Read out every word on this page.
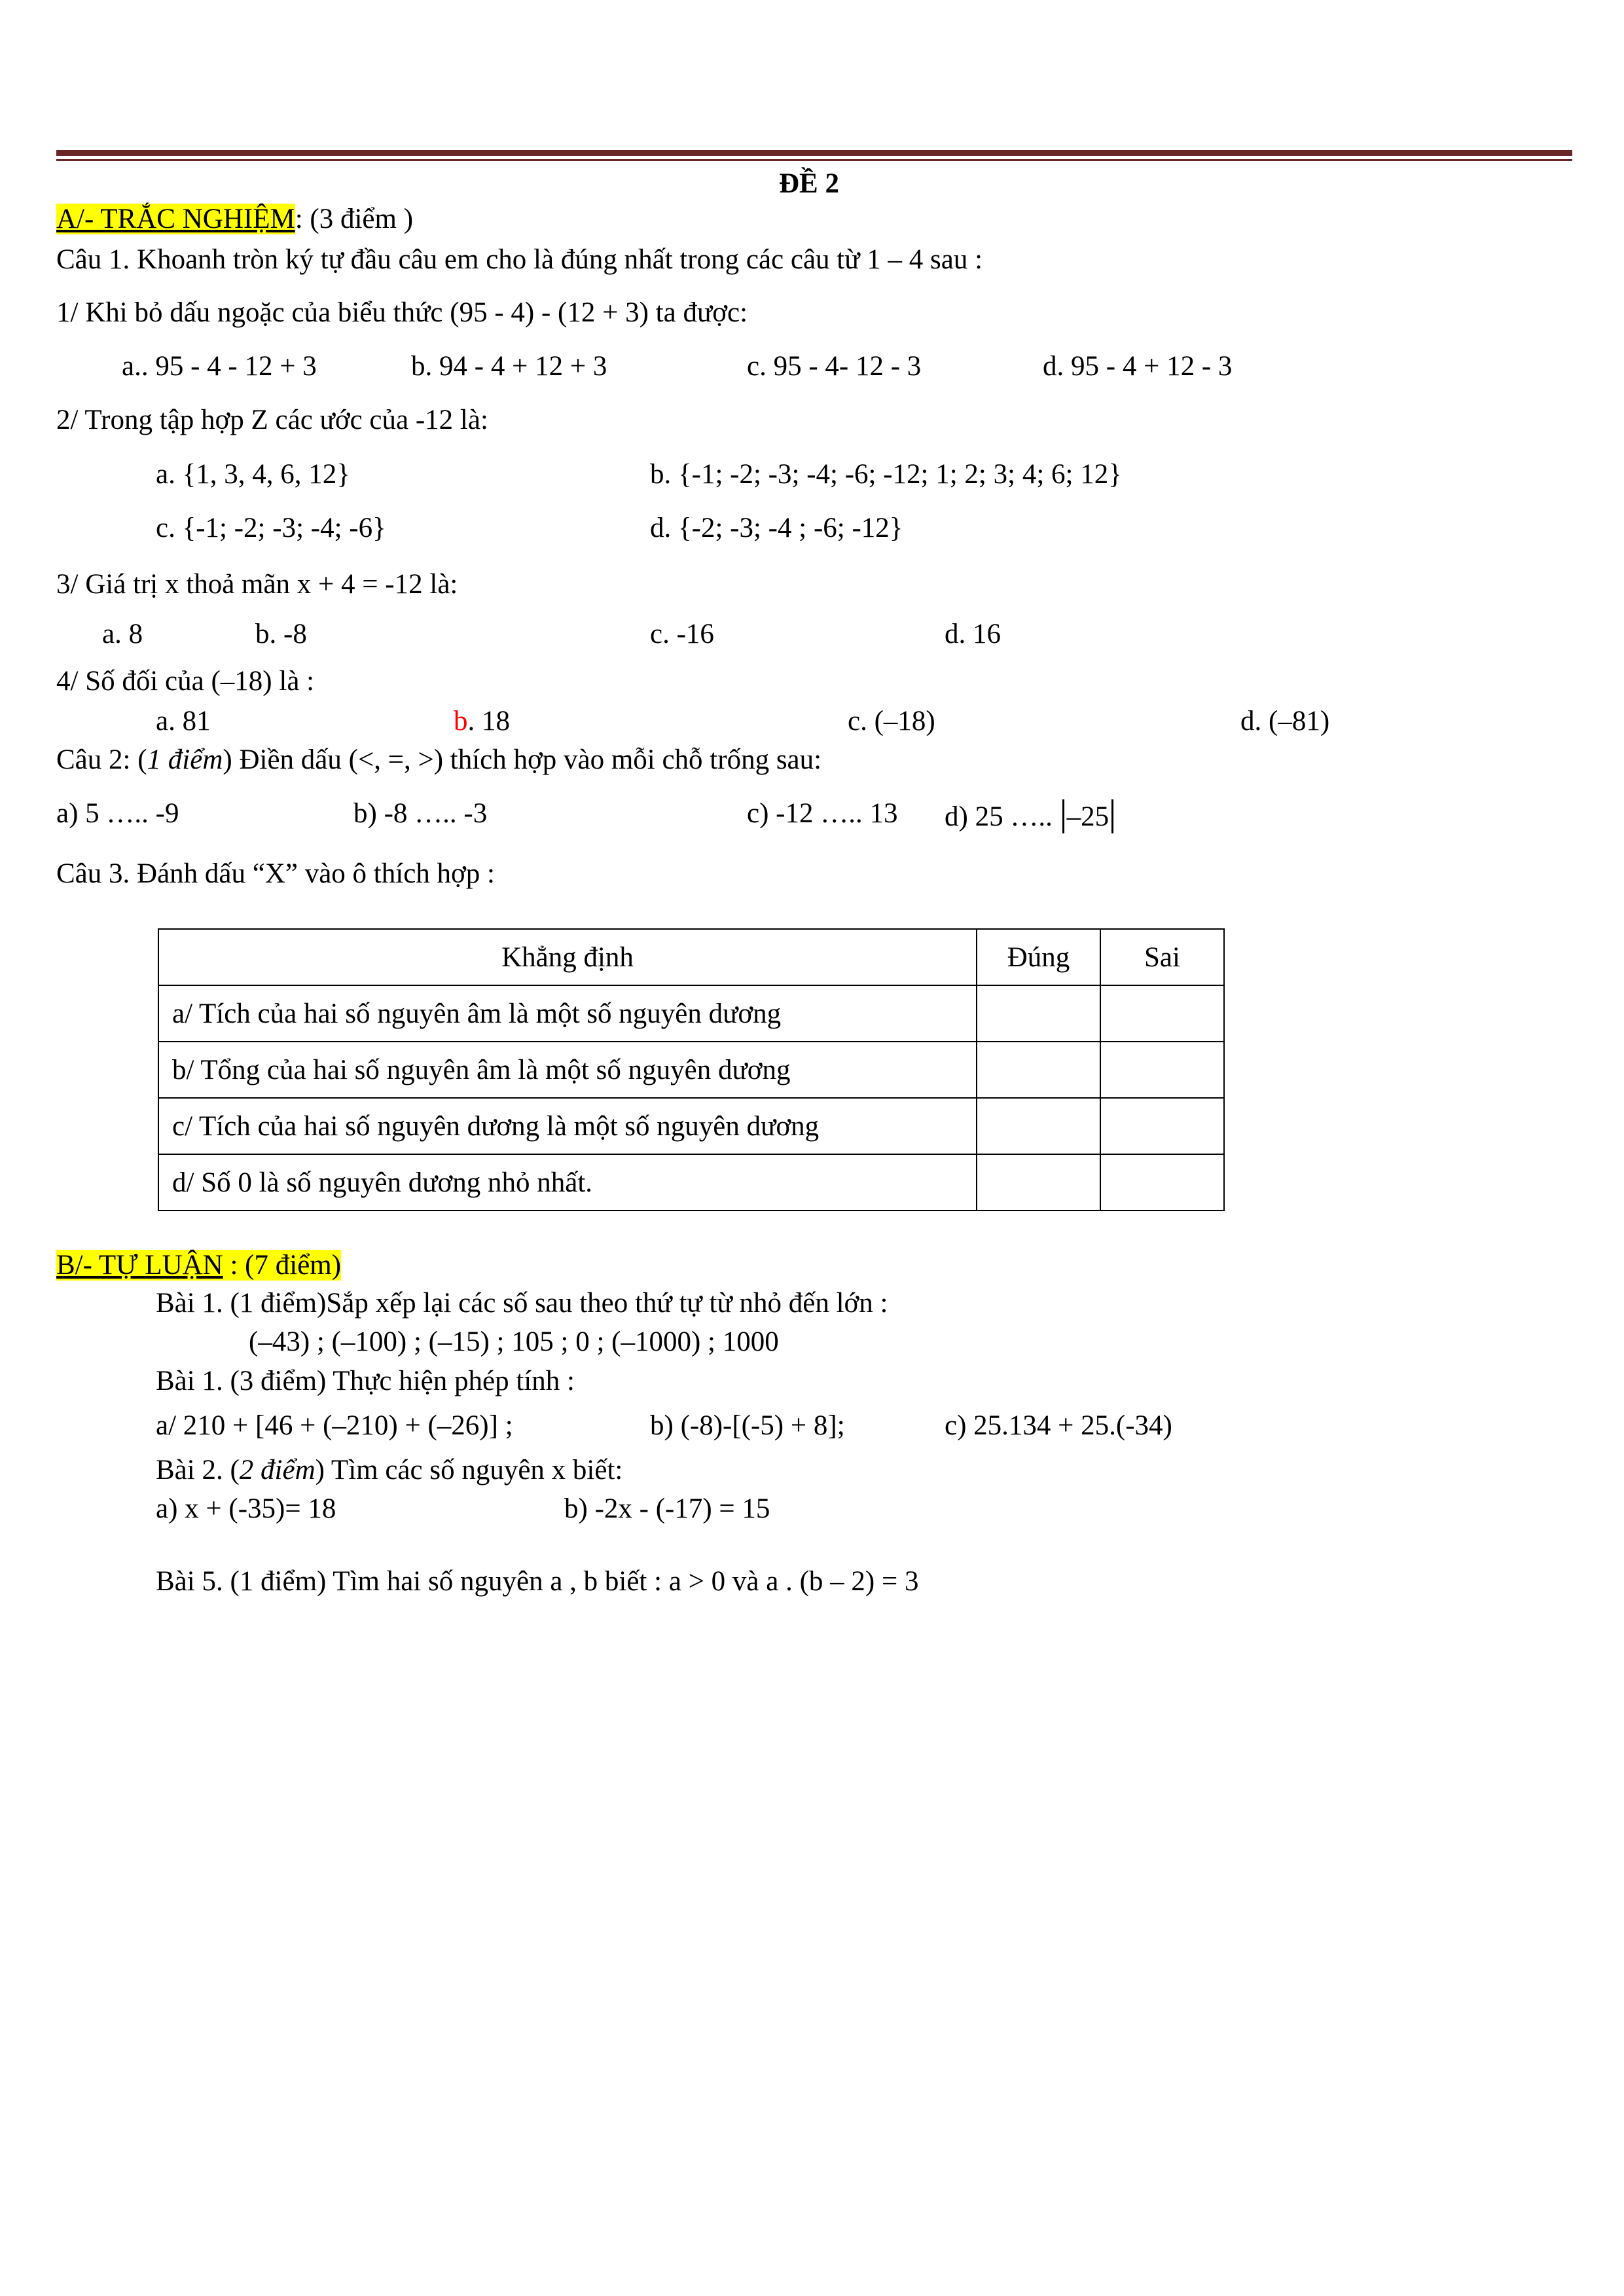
ĐỀ 2
A/- TRẮC NGHIỆM: (3 điểm )
Câu 1. Khoanh tròn ký tự đầu câu em cho là đúng nhất trong các câu từ 1 – 4 sau :
1/ Khi bỏ dấu ngoặc của biểu thức (95 - 4) - (12 + 3) ta được:
a.. 95 - 4 - 12 + 3	b. 94 - 4 + 12 + 3	c. 95 - 4- 12 - 3	d. 95 - 4 + 12 - 3
2/ Trong tập hợp Z các ước của -12 là:
a. {1, 3, 4, 6, 12}	b. {-1; -2; -3; -4; -6; -12; 1; 2; 3; 4; 6; 12}
c. {-1; -2; -3; -4; -6}	d. {-2; -3; -4 ; -6; -12}
3/ Giá trị x thoả mãn x + 4 = -12 là:
a. 8	b. -8	c. -16	d. 16
4/ Số đối của (–18) là :
a. 81	b. 18	c. (–18)	d. (–81)
Câu 2: (1 điểm) Điền dấu (<, =, >) thích hợp vào mỗi chỗ trống sau:
a) 5 ….. -9	b) -8 ….. -3	c) -12 ….. 13 d) 25 ….. –25
Câu 3. Đánh dấu “X” vào ô thích hợp :
Khẳng định	Đúng	Sai
a/ Tích của hai số nguyên âm là một số nguyên dương		
b/ Tổng của hai số nguyên âm là một số nguyên dương		
c/ Tích của hai số nguyên dương là một số nguyên dương		
d/ Số 0 là số nguyên dương nhỏ nhất.		
B/- TỰ LUẬN : (7 điểm)
Bài 1. (1 điểm)Sắp xếp lại các số sau theo thứ tự từ nhỏ đến lớn :
(–43) ; (–100) ; (–15) ; 105 ; 0 ; (–1000) ; 1000
Bài 1. (3 điểm) Thực hiện phép tính :
a/ 210 + [46 + (–210) + (–26)] ;	b) (-8)-[(-5) + 8];	c) 25.134 + 25.(-34)
Bài 2. (2 điểm) Tìm các số nguyên x biết:
a) x + (-35)= 18	b) -2x - (-17) = 15
Bài 5. (1 điểm) Tìm hai số nguyên a , b biết : a > 0 và a . (b – 2) = 3
